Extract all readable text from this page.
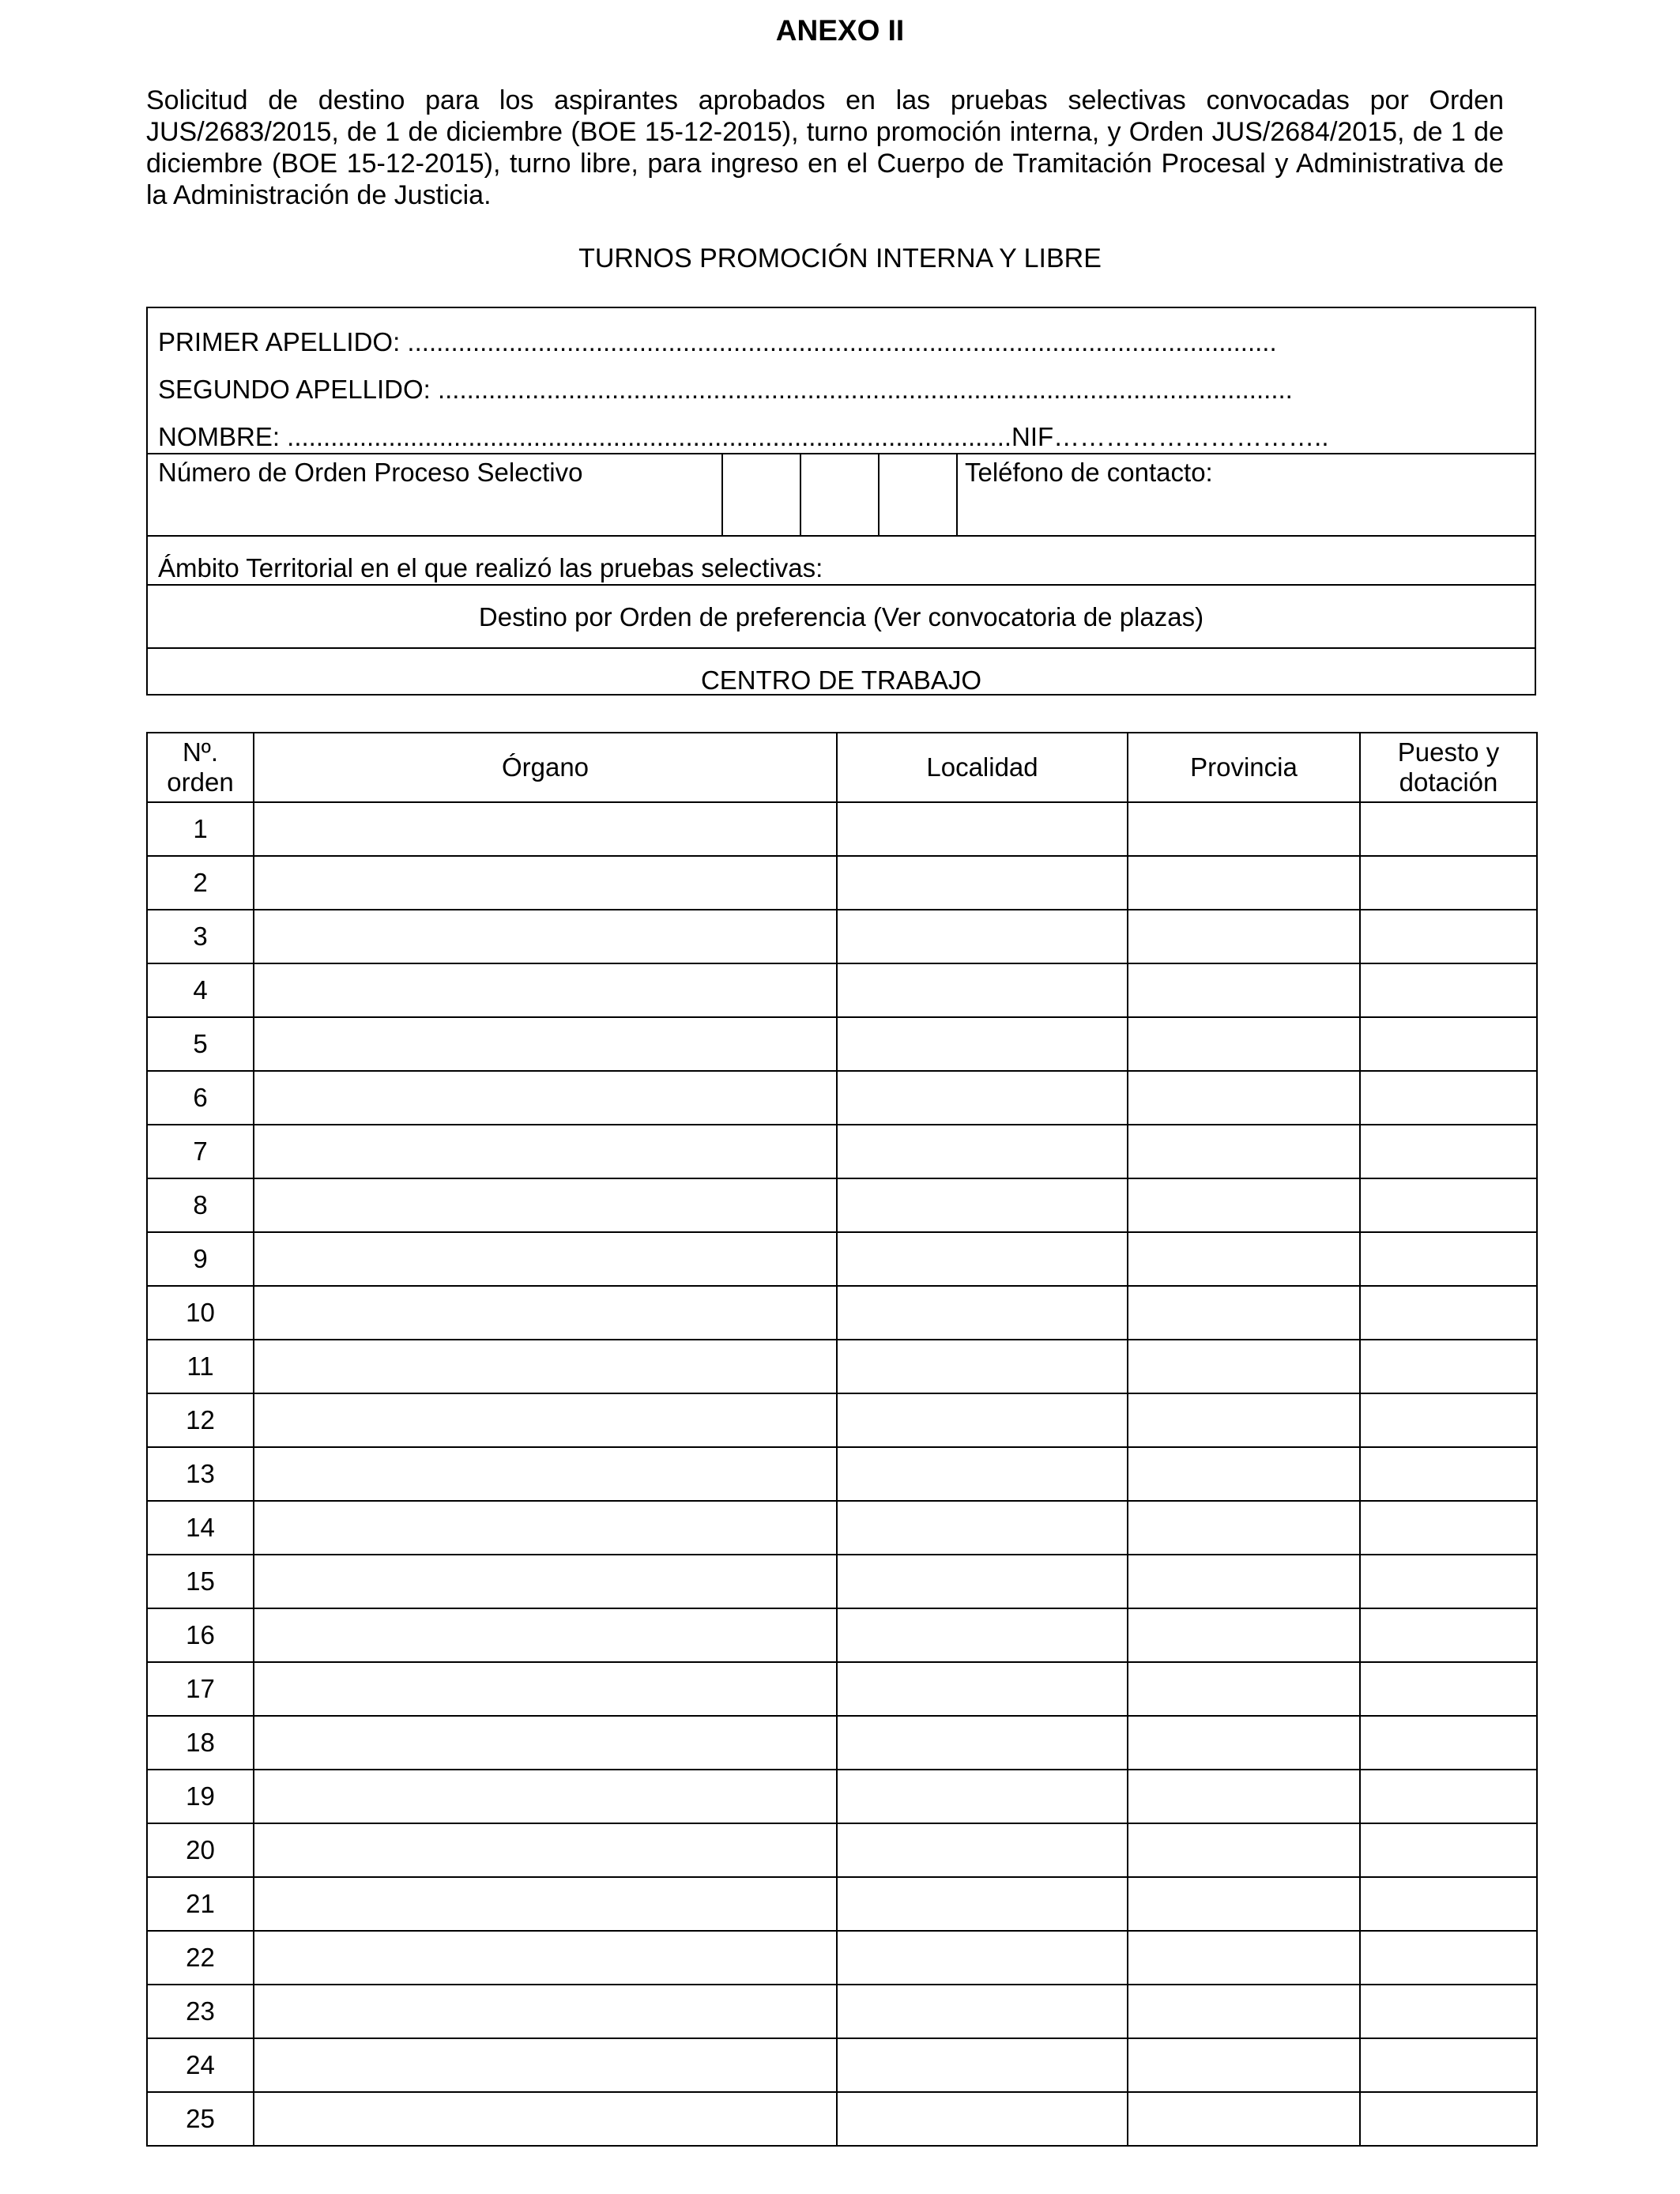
ANEXO II
Solicitud de destino para los aspirantes aprobados en las pruebas selectivas convocadas por Orden JUS/2683/2015, de 1 de diciembre (BOE 15-12-2015), turno promoción interna, y Orden JUS/2684/2015, de 1 de diciembre (BOE 15-12-2015), turno libre, para ingreso en el Cuerpo de Tramitación Procesal y Administrativa de la Administración de Justicia.
TURNOS PROMOCIÓN INTERNA Y LIBRE
PRIMER APELLIDO: ........................................................................................................................
SEGUNDO APELLIDO: ......................................................................................................................
NOMBRE: ....................................................................................................NIF…………………………..
Número de Orden Proceso Selectivo	Teléfono de contacto:
Ámbito Territorial en el que realizó las pruebas selectivas:
Destino por Orden de preferencia (Ver convocatoria de plazas)
CENTRO DE TRABAJO
Nº. orden	Órgano	Localidad	Provincia	Puesto y dotación
1				
2				
3				
4				
5				
6				
7				
8				
9				
10				
11				
12				
13				
14				
15				
16				
17				
18				
19				
20				
21				
22				
23				
24				
25				
